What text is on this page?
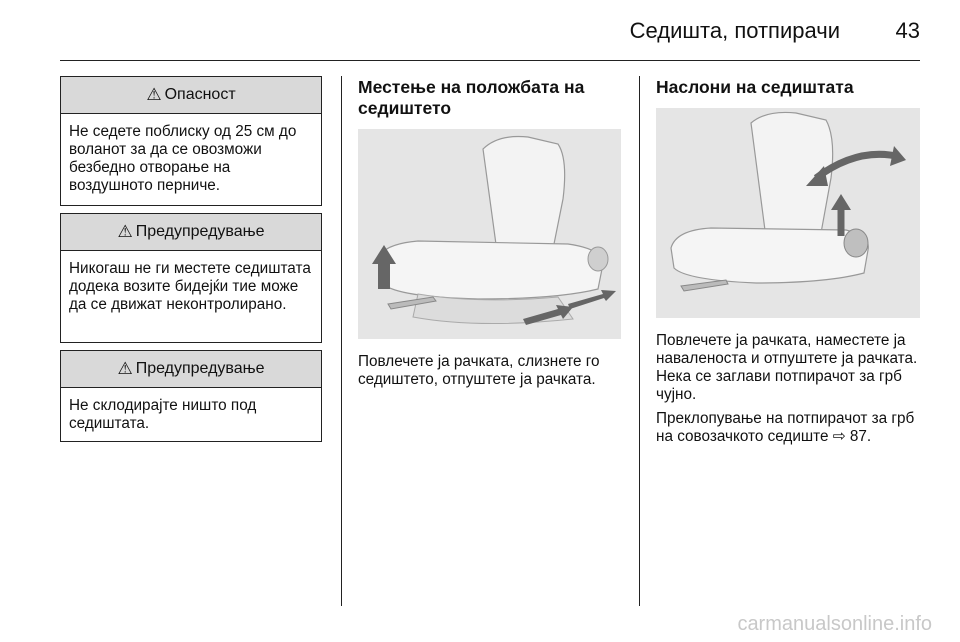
Седишта, потпирачи	43
⚠ Опасност
Не седете поблиску од 25 см до воланот за да се овозможи безбедно отворање на воздушното перниче.
⚠ Предупредување
Никогаш не ги местете седиштата додека возите бидејќи тие може да се движат неконтролирано.
⚠ Предупредување
Не склодирајте ништо под седиштата.
Местење на положбата на седиштето

Повлечете ја рачката, слизнете го седиштето, отпуштете ја рачката.

Наслони на седиштата

Повлечете ја рачката, наместете ја наваленоста и отпуштете ја рачката. Нека се заглави потпирачот за грб чујно.

Преклопување на потпирачот за грб на совозачкото седиште ⇨ 87.

carmanualsonline.info
